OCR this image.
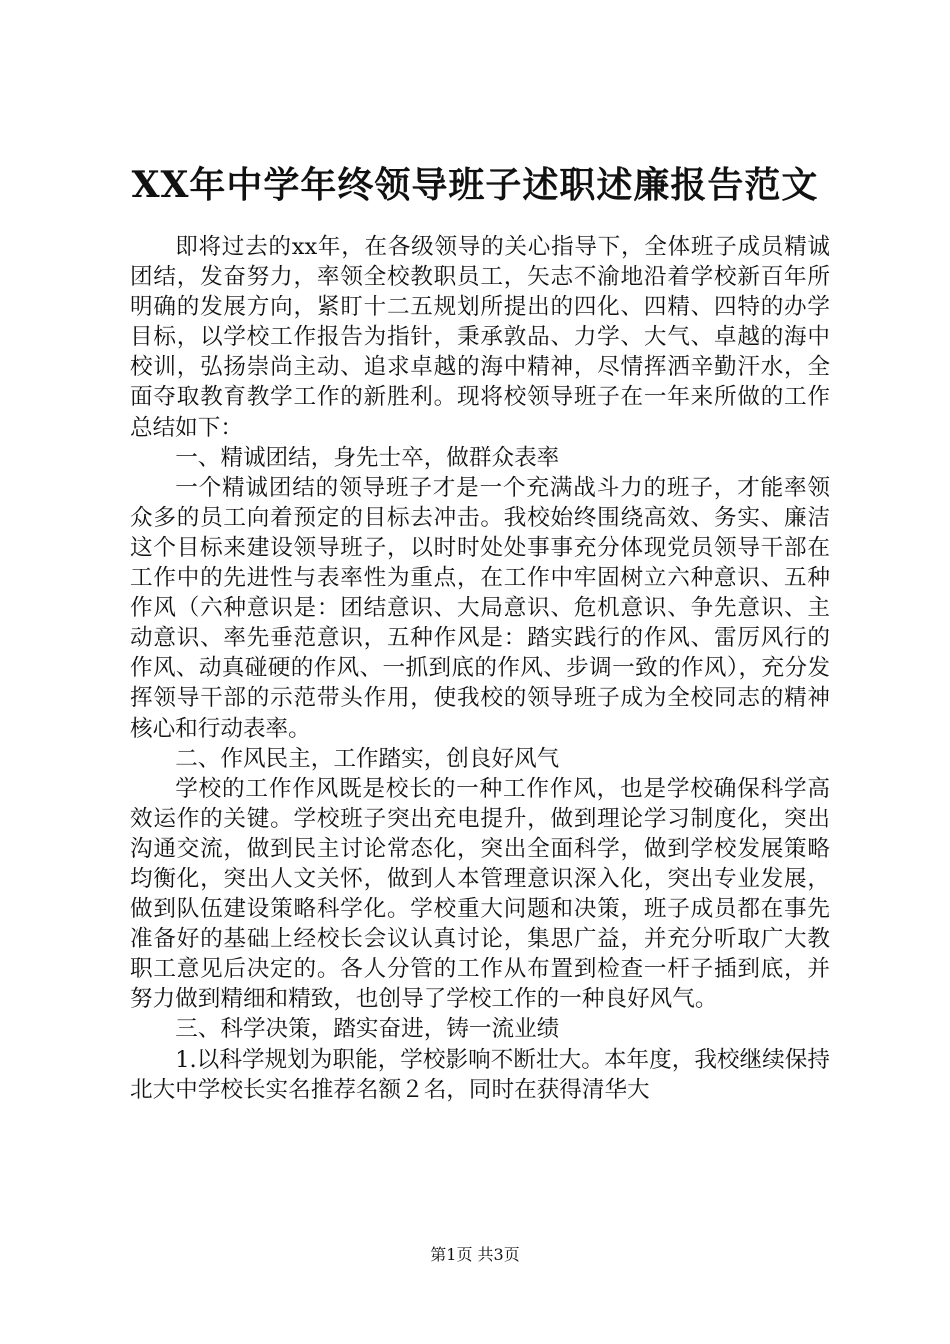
XX年中学年终领导班子述职述廉报告范文

即将过去的xx年，在各级领导的关心指导下，全体班子成员精诚团结，发奋努力，率领全校教职员工，矢志不渝地沿着学校新百年所明确的发展方向，紧盯十二五规划所提出的四化、四精、四特的办学目标，以学校工作报告为指针，秉承敦品、力学、大气、卓越的海中校训，弘扬崇尚主动、追求卓越的海中精神，尽情挥洒辛勤汗水，全面夺取教育教学工作的新胜利。现将校领导班子在一年来所做的工作总结如下：

一、精诚团结，身先士卒，做群众表率

一个精诚团结的领导班子才是一个充满战斗力的班子，才能率领众多的员工向着预定的目标去冲击。我校始终围绕高效、务实、廉洁这个目标来建设领导班子，以时时处处事事充分体现党员领导干部在工作中的先进性与表率性为重点，在工作中牢固树立六种意识、五种作风（六种意识是：团结意识、大局意识、危机意识、争先意识、主动意识、率先垂范意识，五种作风是：踏实践行的作风、雷厉风行的作风、动真碰硬的作风、一抓到底的作风、步调一致的作风），充分发挥领导干部的示范带头作用，使我校的领导班子成为全校同志的精神核心和行动表率。

二、作风民主，工作踏实，创良好风气

学校的工作作风既是校长的一种工作作风，也是学校确保科学高效运作的关键。学校班子突出充电提升，做到理论学习制度化，突出沟通交流，做到民主讨论常态化，突出全面科学，做到学校发展策略均衡化，突出人文关怀，做到人本管理意识深入化，突出专业发展，做到队伍建设策略科学化。学校重大问题和决策，班子成员都在事先准备好的基础上经校长会议认真讨论，集思广益，并充分听取广大教职工意见后决定的。各人分管的工作从布置到检查一杆子插到底，并努力做到精细和精致，也创导了学校工作的一种良好风气。

三、科学决策，踏实奋进，铸一流业绩

1.以科学规划为职能，学校影响不断壮大。本年度，我校继续保持北大中学校长实名推荐名额２名，同时在获得清华大

第1页 共3页
